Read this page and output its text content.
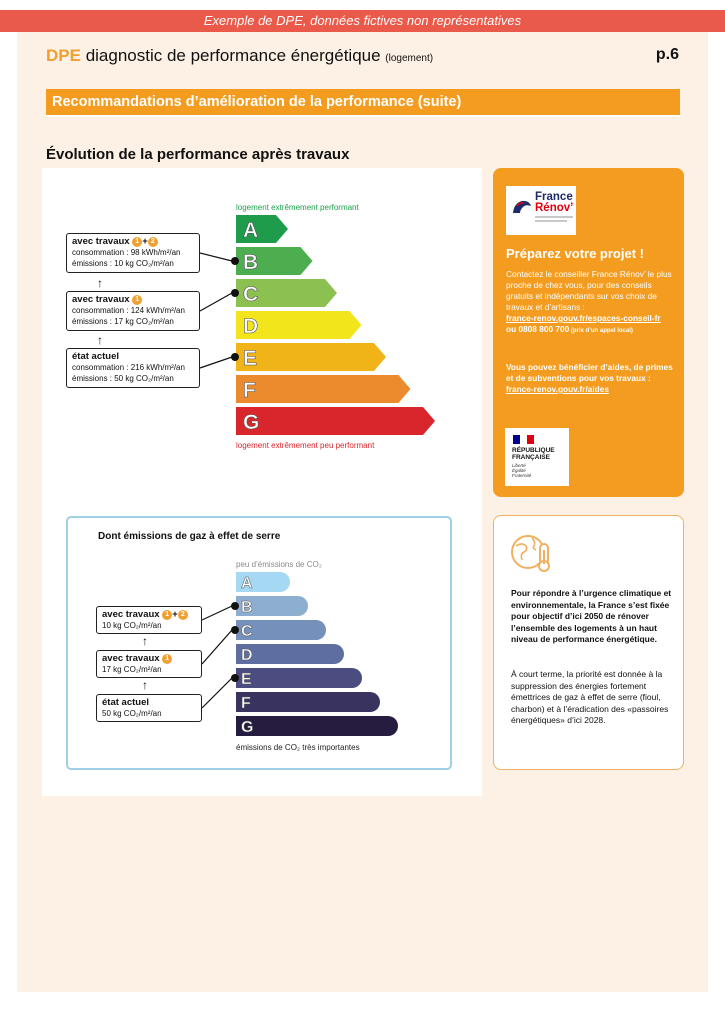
Exemple de DPE, données fictives non représentatives
DPE diagnostic de performance énergétique (logement)	p.6
Recommandations d’amélioration de la performance (suite)
Évolution de la performance après travaux
logement extrêmement performant
A
B
C
D
E
F
G
logement extrêmement peu performant
avec travaux 1 + 2
consommation : 98 kWh/m²/an
émissions : 10 kg CO₂/m²/an
↑
avec travaux 1
consommation : 124 kWh/m²/an
émissions : 17 kg CO₂/m²/an
↑
état actuel
consommation : 216 kWh/m²/an
émissions : 50 kg CO₂/m²/an
Dont émissions de gaz à effet de serre
peu d’émissions de CO₂
A
B
C
D
E
F
G
émissions de CO₂ très importantes
avec travaux 1 + 2
10 kg CO₂/m²/an
↑
avec travaux 1
17 kg CO₂/m²/an
↑
état actuel
50 kg CO₂/m²/an
France
Rénov’
Préparez votre projet !
Contactez le conseiller France Rénov’ le plus proche de chez vous, pour des conseils gratuits et indépendants sur vos choix de travaux et d’artisans :
france-renov.gouv.fr/espaces-conseil-fr
ou 0808 800 700 (prix d’un appel local)
Vous pouvez bénéficier d’aides, de primes et de subventions pour vos travaux :
france-renov.gouv.fr/aides
RÉPUBLIQUE
FRANÇAISE
Liberté
Égalité
Fraternité
Pour répondre à l’urgence climatique et environnementale, la France s’est fixée pour objectif d’ici 2050 de rénover l’ensemble des logements à un haut niveau de performance énergétique.
À court terme, la priorité est donnée à la suppression des énergies fortement émettrices de gaz à effet de serre (fioul, charbon) et à l’éradication des «passoires énergétiques» d’ici 2028.
